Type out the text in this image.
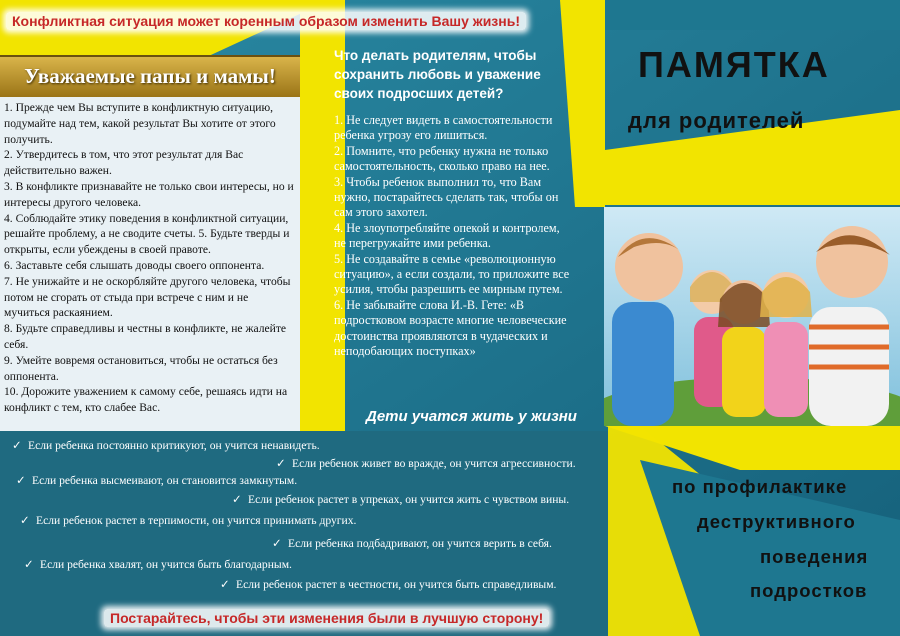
Конфликтная ситуация может коренным образом изменить Вашу жизнь!
Уважаемые папы и мамы!
1. Прежде чем Вы вступите в конфликтную ситуацию, подумайте над тем, какой результат Вы хотите от этого получить.
2. Утвердитесь в том, что этот результат для Вас действительно важен.
3. В конфликте признавайте не только свои интересы, но и интересы другого человека.
4. Соблюдайте этику поведения в конфликтной ситуации, решайте проблему, а не сводите счеты. 5. Будьте тверды и открыты, если убеждены в своей правоте.
6. Заставьте себя слышать доводы своего оппонента.
7. Не унижайте и не оскорбляйте другого человека, чтобы потом не сгорать от стыда при встрече с ним и не мучиться раскаянием.
8. Будьте справедливы и честны в конфликте, не жалейте себя.
9. Умейте вовремя остановиться, чтобы не остаться без оппонента.
10. Дорожите уважением к самому себе, решаясь идти на конфликт с тем, кто слабее Вас.
Что делать родителям, чтобы сохранить любовь и уважение своих подросших детей?
1. Не следует видеть в самостоятельности ребенка угрозу его лишиться.
2. Помните, что ребенку нужна не только самостоятельность, сколько право на нее.
3. Чтобы ребенок выполнил то, что Вам нужно, постарайтесь сделать так, чтобы он сам этого захотел.
4. Не злоупотребляйте опекой и контролем, не перегружайте ими ребенка.
5. Не создавайте в семье «революционную ситуацию», а если создали, то приложите все усилия, чтобы разрешить ее мирным путем.
6. Не забывайте слова И.-В. Гете: «В подростковом возрасте многие человеческие достоинства проявляются в чудаческих и неподобающих поступках»
Дети учатся жить у жизни
ПАМЯТКА
для родителей
по профилактике
деструктивного
поведения
подростков
✓ Если ребенка постоянно критикуют, он учится ненавидеть.
✓ Если ребенок живет во вражде, он учится агрессивности.
✓ Если ребенка высмеивают, он становится замкнутым.
✓ Если ребенок растет в упреках, он учится жить с чувством вины.
✓ Если ребенок растет в терпимости, он учится принимать других.
✓ Если ребенка подбадривают, он учится верить в себя.
✓ Если ребенка хвалят, он учится быть благодарным.
✓ Если ребенок растет в честности, он учится быть справедливым.
Постарайтесь, чтобы эти изменения были в лучшую сторону!
